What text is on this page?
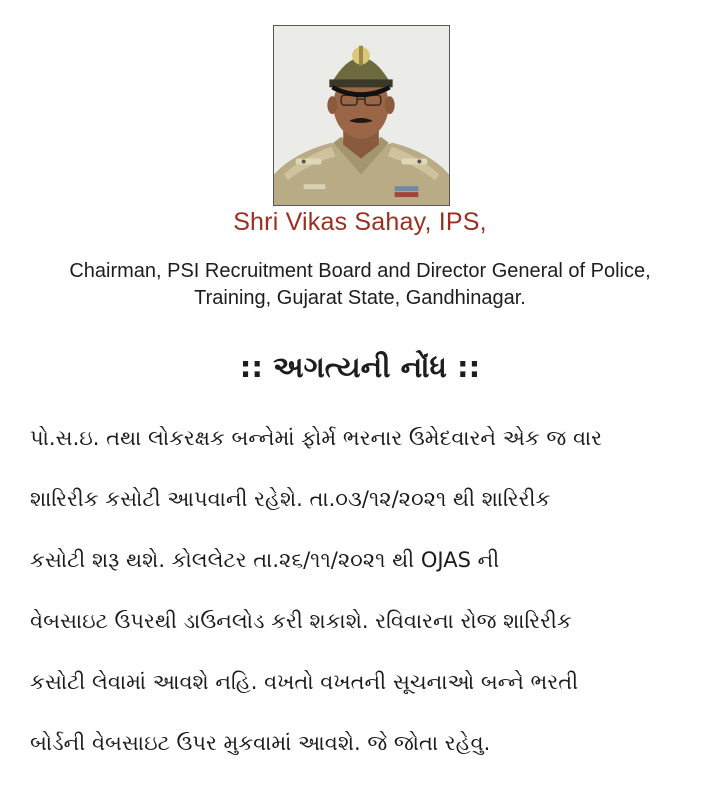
Shri Vikas Sahay, IPS,
Chairman, PSI Recruitment Board and Director General of Police,
Training, Gujarat State, Gandhinagar.
:: અગત્યની નોંધ ::
પો.સ.ઇ. તથા લોકરક્ષક બન્નેમાં ફોર્મ ભરનાર ઉમેદવારને એક જ વાર
શારિરીક કસોટી આપવાની રહેશે. તા.૦૩/૧૨/૨૦૨૧ થી શારિરીક
કસોટી શરૂ થશે. કોલલેટર તા.૨૬/૧૧/૨૦૨૧ થી OJAS ની
વેબસાઇટ ઉપરથી ડાઉનલોડ કરી શકાશે. રવિવારના રોજ શારિરીક
કસોટી લેવામાં આવશે નહિ. વખતો વખતની સૂચનાઓ બન્ને ભરતી
બોર્ડની વેબસાઇટ ઉપર મુકવામાં આવશે. જે જોતા રહેવુ.
